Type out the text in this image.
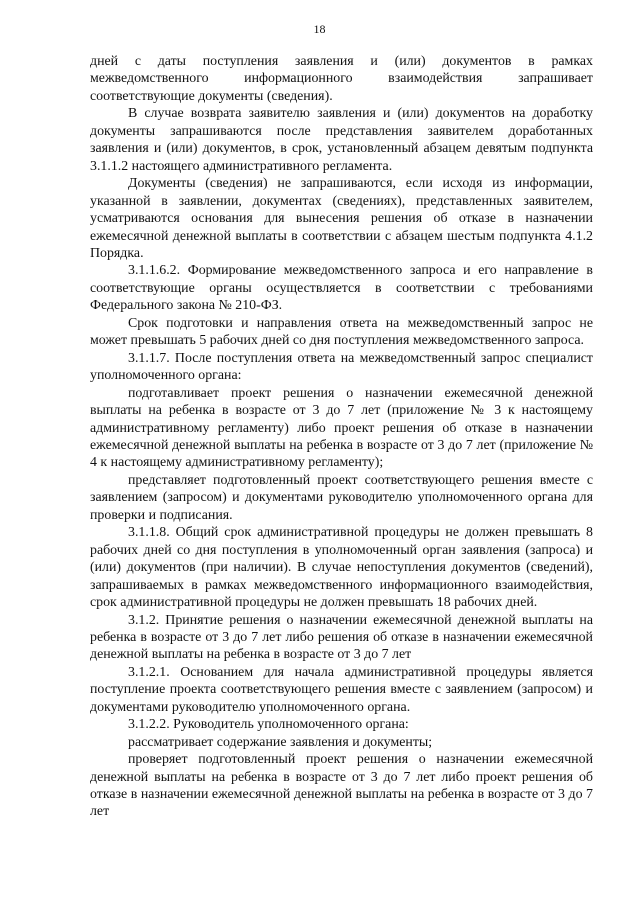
18

дней с даты поступления заявления и (или) документов в рамках межведомственного информационного взаимодействия запрашивает соответствующие документы (сведения).

В случае возврата заявителю заявления и (или) документов на доработку документы запрашиваются после представления заявителем доработанных заявления и (или) документов, в срок, установленный абзацем девятым подпункта 3.1.1.2 настоящего административного регламента.

Документы (сведения) не запрашиваются, если исходя из информации, указанной в заявлении, документах (сведениях), представленных заявителем, усматриваются основания для вынесения решения об отказе в назначении ежемесячной денежной выплаты в соответствии с абзацем шестым подпункта 4.1.2 Порядка.

3.1.1.6.2. Формирование межведомственного запроса и его направление в соответствующие органы осуществляется в соответствии с требованиями Федерального закона № 210-ФЗ.

Срок подготовки и направления ответа на межведомственный запрос не может превышать 5 рабочих дней со дня поступления межведомственного запроса.

3.1.1.7. После поступления ответа на межведомственный запрос специалист уполномоченного органа:

подготавливает проект решения о назначении ежемесячной денежной выплаты на ребенка в возрасте от 3 до 7 лет (приложение № 3 к настоящему административному регламенту) либо проект решения об отказе в назначении ежемесячной денежной выплаты на ребенка в возрасте от 3 до 7 лет (приложение № 4 к настоящему административному регламенту);

представляет подготовленный проект соответствующего решения вместе с заявлением (запросом) и документами руководителю уполномоченного органа для проверки и подписания.

3.1.1.8. Общий срок административной процедуры не должен превышать 8 рабочих дней со дня поступления в уполномоченный орган заявления (запроса) и (или) документов (при наличии). В случае непоступления документов (сведений), запрашиваемых в рамках межведомственного информационного взаимодействия, срок административной процедуры не должен превышать 18 рабочих дней.

3.1.2. Принятие решения о назначении ежемесячной денежной выплаты на ребенка в возрасте от 3 до 7 лет либо решения об отказе в назначении ежемесячной денежной выплаты на ребенка в возрасте от 3 до 7 лет

3.1.2.1. Основанием для начала административной процедуры является поступление проекта соответствующего решения вместе с заявлением (запросом) и документами руководителю уполномоченного органа.

3.1.2.2. Руководитель уполномоченного органа:

рассматривает содержание заявления и документы;

проверяет подготовленный проект решения о назначении ежемесячной денежной выплаты на ребенка в возрасте от 3 до 7 лет либо проект решения об отказе в назначении ежемесячной денежной выплаты на ребенка в возрасте от 3 до 7 лет
